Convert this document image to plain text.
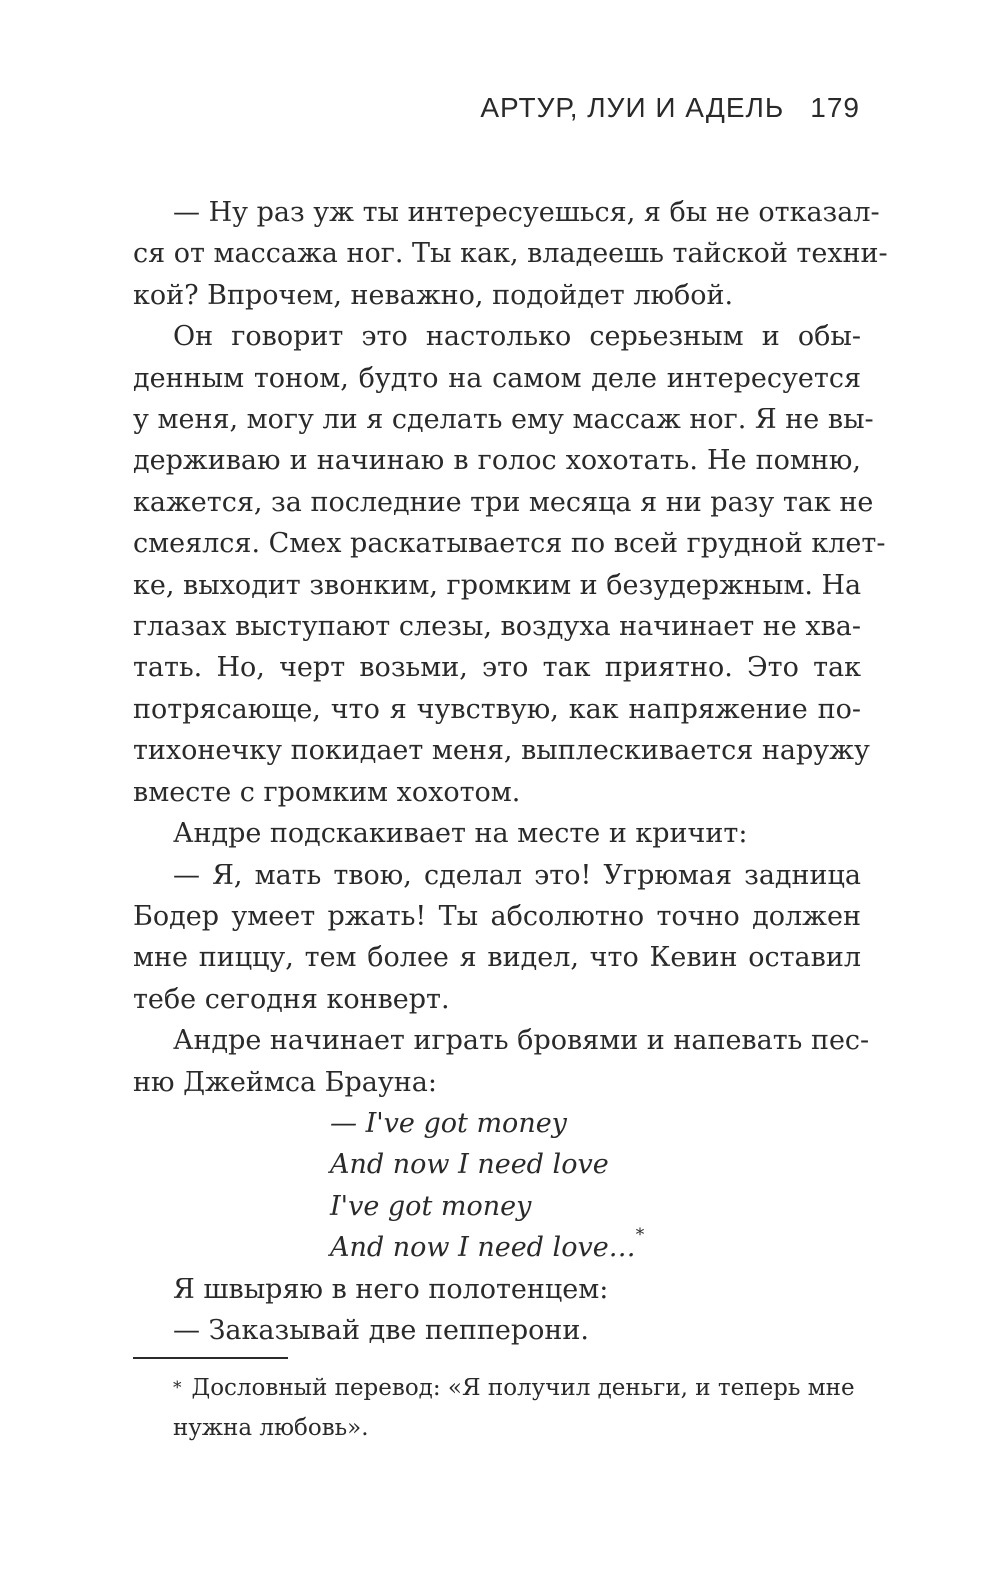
АРТУР, ЛУИ И АДЕЛЬ 179

— Ну раз уж ты интересуешься, я бы не отказал-
ся от массажа ног. Ты как, владеешь тайской техни-
кой? Впрочем, неважно, подойдет любой.

Он говорит это настолько серьезным и обы-
денным тоном, будто на самом деле интересуется
у меня, могу ли я сделать ему массаж ног. Я не вы-
держиваю и начинаю в голос хохотать. Не помню,
кажется, за последние три месяца я ни разу так не
смеялся. Смех раскатывается по всей грудной клет-
ке, выходит звонким, громким и безудержным. На
глазах выступают слезы, воздуха начинает не хва-
тать. Но, черт возьми, это так приятно. Это так
потрясающе, что я чувствую, как напряжение по-
тихонечку покидает меня, выплескивается наружу
вместе с громким хохотом.

Андре подскакивает на месте и кричит:

— Я, мать твою, сделал это! Угрюмая задница
Бодер умеет ржать! Ты абсолютно точно должен
мне пиццу, тем более я видел, что Кевин оставил
тебе сегодня конверт.

Андре начинает играть бровями и напевать пес-
ню Джеймса Брауна:

— I've got money
And now I need love
I've got money
And now I need love…*

Я швыряю в него полотенцем:

— Заказывай две пепперони.

* Дословный перевод: «Я получил деньги, и теперь мне нужна любовь».
